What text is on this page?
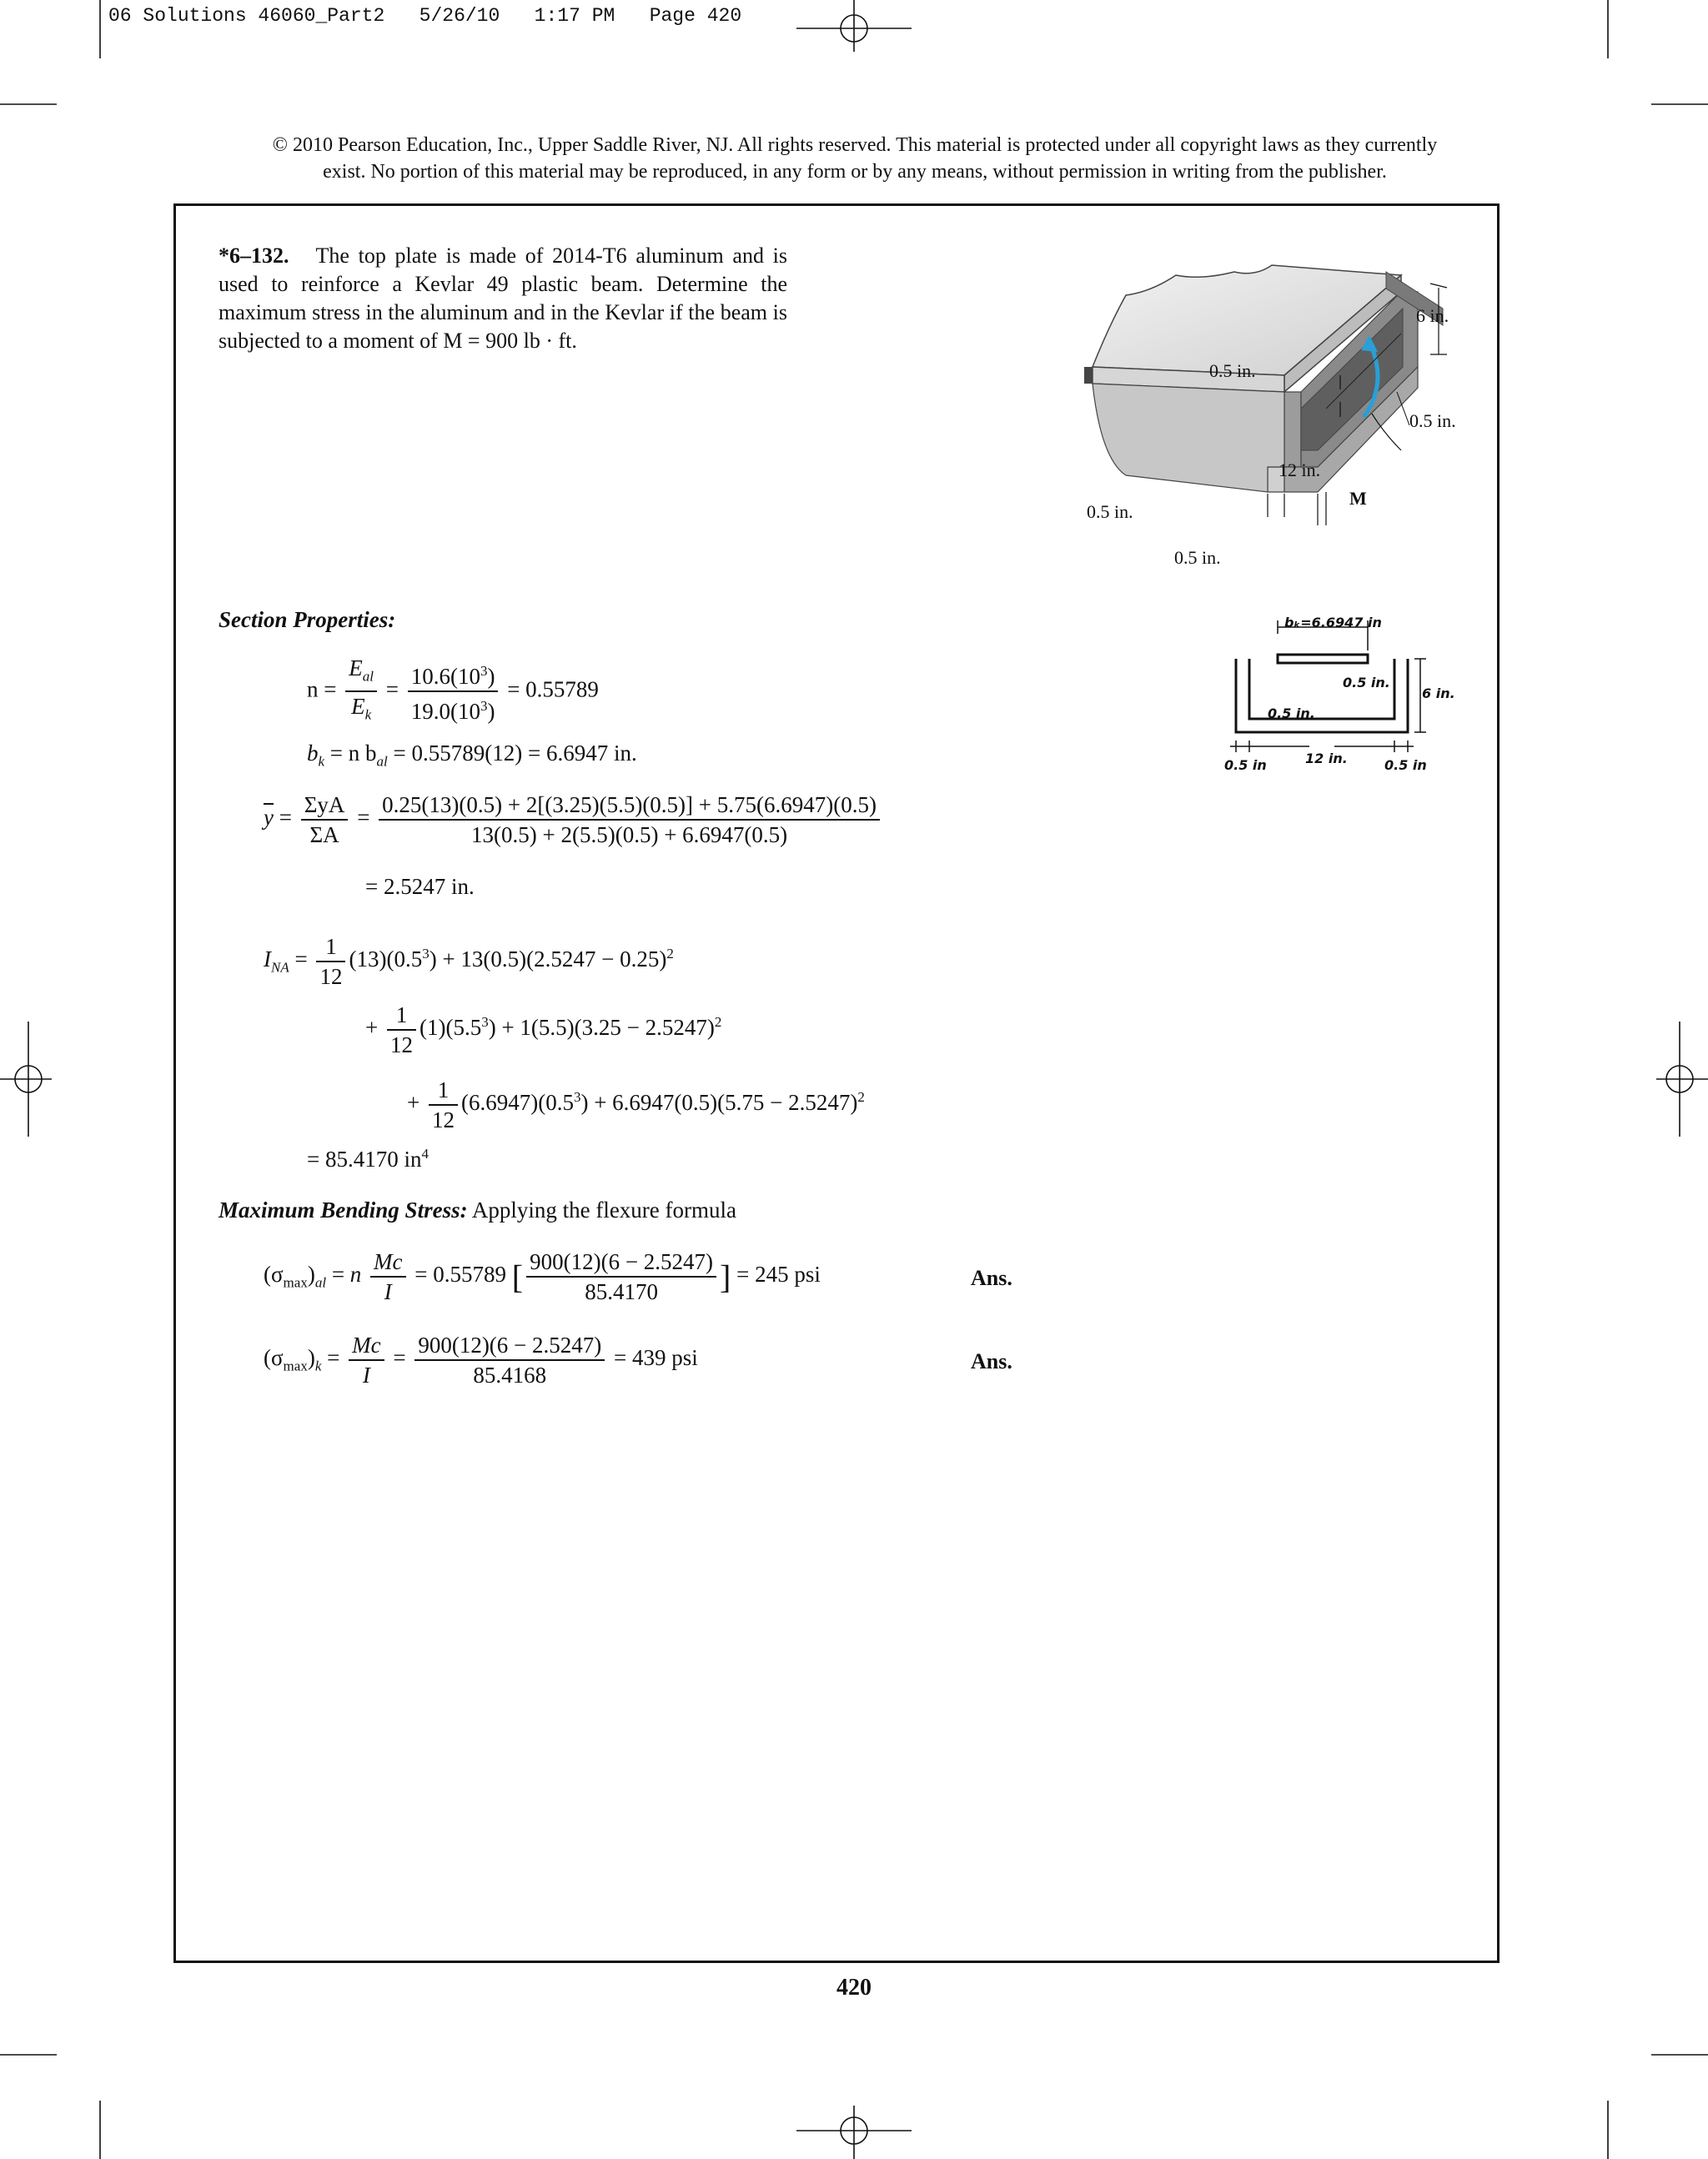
06 Solutions 46060_Part2   5/26/10   1:17 PM   Page 420
© 2010 Pearson Education, Inc., Upper Saddle River, NJ. All rights reserved. This material is protected under all copyright laws as they currently
exist. No portion of this material may be reproduced, in any form or by any means, without permission in writing from the publisher.
*6–132. The top plate is made of 2014-T6 aluminum and is used to reinforce a Kevlar 49 plastic beam. Determine the maximum stress in the aluminum and in the Kevlar if the beam is subjected to a moment of M = 900 lb · ft.
6 in.
0.5 in.
0.5 in.
12 in.
M
0.5 in.
0.5 in.
bₖ=6.6947 in
0.5 in.
6 in.
0.5 in.
0.5 in	12 in.	0.5 in
Section Properties:
$n = \frac{E_{al}}{E_k} = \frac{10.6(10^3)}{19.0(10^3)} = 0.55789$
$b_k = n$ $b_{al} = 0.55789(12) = 6.6947$ in.
$\overline{y} = \frac{\text{ΣyA}}{\Sigma A} = \frac{0.25(13)(0.5) + 2[(3.25)(5.5)(0.5)] + 5.75(6.6947)(0.5)}{13(0.5) + 2(5.5)(0.5) + 6.6947(0.5)}$
= 2.5247 in.
$I_{NA} = \frac{1}{12} (13)(0.5^3) + 13(0.5)(2.5247 - 0.25)^2$
+ $\frac{1}{12} (1)(5.5^3) + 1(5.5)(3.25 - 2.5247)^2$
+ $\frac{1}{12} (6.6947)(0.5^3) + 6.6947(0.5)(5.75 - 2.5247)^2$
= 85.4170 $in^4$
Maximum Bending Stress: Applying the flexure formula
$(\sigma_{max})_{al} = n \frac{Mc}{I} = 0.55789$ [ $\frac{900(12)(6 - 2.5247)}{85.4170}$ ] = 245 psi	Ans.
$(\sigma_{max})_k = \frac{Mc}{I} = \frac{900(12)(6 - 2.5247)}{85.4168} = 439$ psi	Ans.
420
